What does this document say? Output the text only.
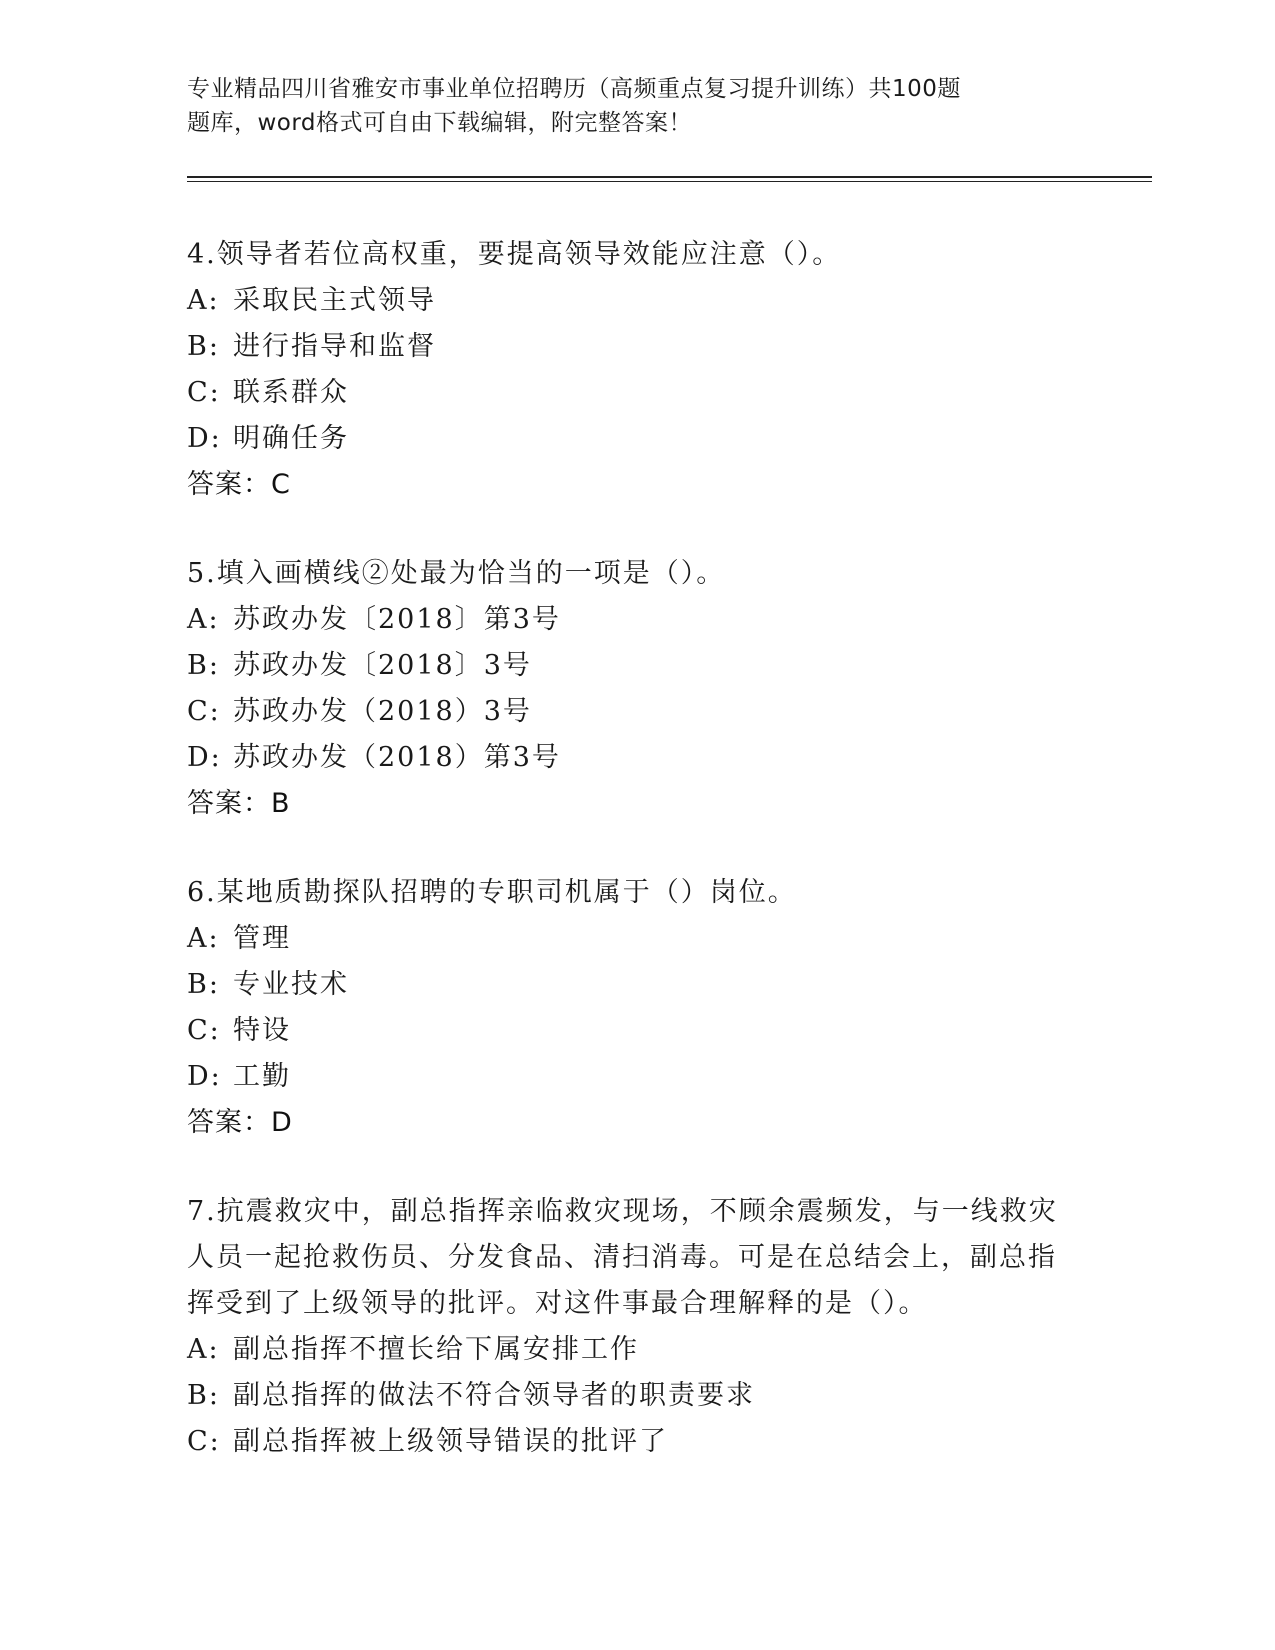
专业精品四川省雅安市事业单位招聘历（高频重点复习提升训练）共100题
题库，word格式可自由下载编辑，附完整答案！

4.领导者若位高权重，要提高领导效能应注意（）。

A: 采取民主式领导

B: 进行指导和监督

C: 联系群众

D: 明确任务

答案：C

5.填入画横线②处最为恰当的一项是（）。

A: 苏政办发〔2018〕第3号

B: 苏政办发〔2018〕3号

C: 苏政办发（2018）3号

D: 苏政办发（2018）第3号

答案：B

6.某地质勘探队招聘的专职司机属于（）岗位。

A: 管理

B: 专业技术

C: 特设

D: 工勤

答案：D

7.抗震救灾中，副总指挥亲临救灾现场，不顾余震频发，与一线救灾人员一起抢救伤员、分发食品、清扫消毒。可是在总结会上，副总指挥受到了上级领导的批评。对这件事最合理解释的是（）。

A: 副总指挥不擅长给下属安排工作

B: 副总指挥的做法不符合领导者的职责要求

C: 副总指挥被上级领导错误的批评了
